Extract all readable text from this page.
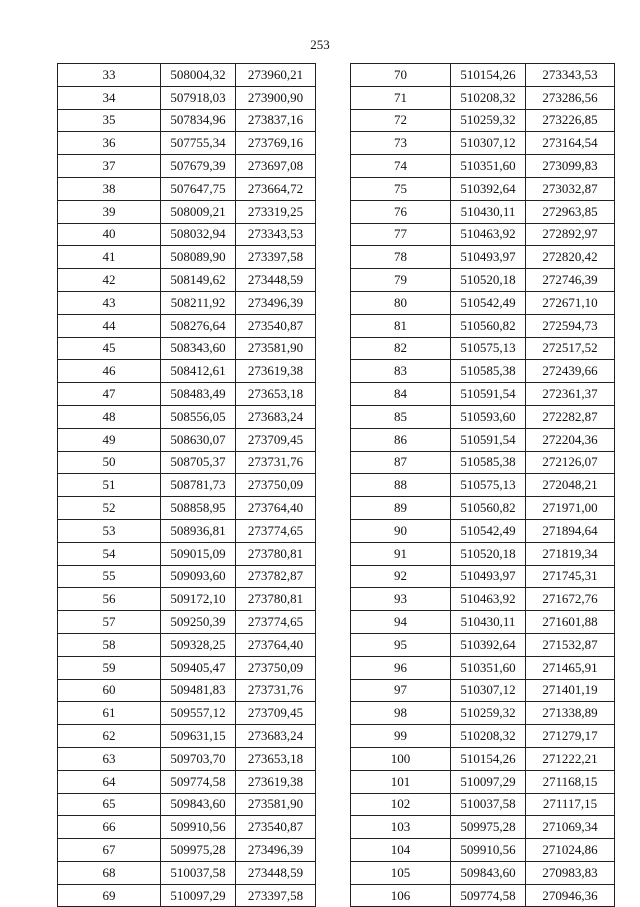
253
33	508004,32	273960,21
34	507918,03	273900,90
35	507834,96	273837,16
36	507755,34	273769,16
37	507679,39	273697,08
38	507647,75	273664,72
39	508009,21	273319,25
40	508032,94	273343,53
41	508089,90	273397,58
42	508149,62	273448,59
43	508211,92	273496,39
44	508276,64	273540,87
45	508343,60	273581,90
46	508412,61	273619,38
47	508483,49	273653,18
48	508556,05	273683,24
49	508630,07	273709,45
50	508705,37	273731,76
51	508781,73	273750,09
52	508858,95	273764,40
53	508936,81	273774,65
54	509015,09	273780,81
55	509093,60	273782,87
56	509172,10	273780,81
57	509250,39	273774,65
58	509328,25	273764,40
59	509405,47	273750,09
60	509481,83	273731,76
61	509557,12	273709,45
62	509631,15	273683,24
63	509703,70	273653,18
64	509774,58	273619,38
65	509843,60	273581,90
66	509910,56	273540,87
67	509975,28	273496,39
68	510037,58	273448,59
69	510097,29	273397,58
70	510154,26	273343,53
71	510208,32	273286,56
72	510259,32	273226,85
73	510307,12	273164,54
74	510351,60	273099,83
75	510392,64	273032,87
76	510430,11	272963,85
77	510463,92	272892,97
78	510493,97	272820,42
79	510520,18	272746,39
80	510542,49	272671,10
81	510560,82	272594,73
82	510575,13	272517,52
83	510585,38	272439,66
84	510591,54	272361,37
85	510593,60	272282,87
86	510591,54	272204,36
87	510585,38	272126,07
88	510575,13	272048,21
89	510560,82	271971,00
90	510542,49	271894,64
91	510520,18	271819,34
92	510493,97	271745,31
93	510463,92	271672,76
94	510430,11	271601,88
95	510392,64	271532,87
96	510351,60	271465,91
97	510307,12	271401,19
98	510259,32	271338,89
99	510208,32	271279,17
100	510154,26	271222,21
101	510097,29	271168,15
102	510037,58	271117,15
103	509975,28	271069,34
104	509910,56	271024,86
105	509843,60	270983,83
106	509774,58	270946,36
